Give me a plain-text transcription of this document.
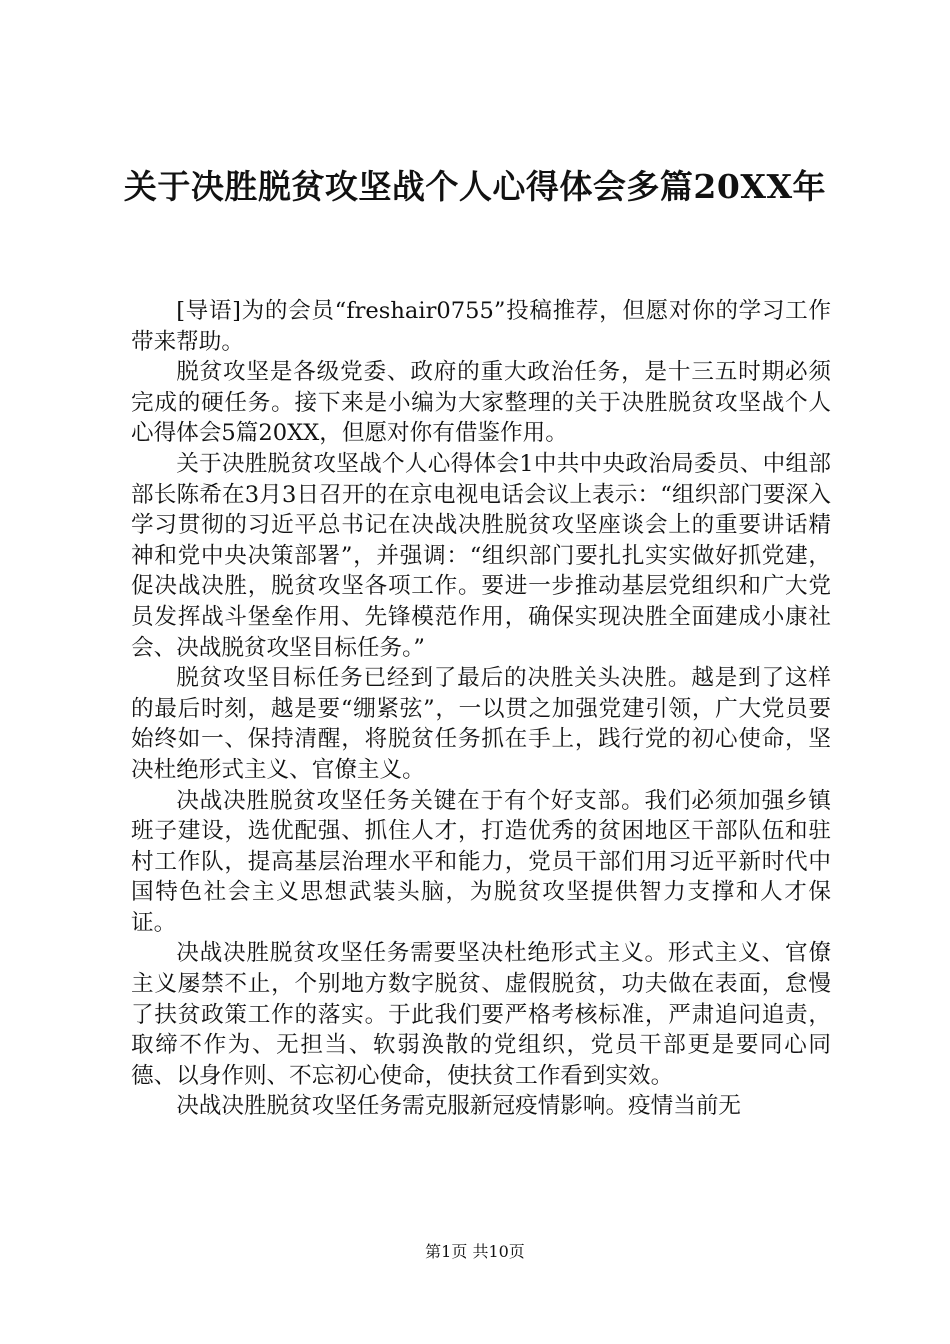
关于决胜脱贫攻坚战个人心得体会多篇20XX年

[导语]为的会员“freshair0755”投稿推荐，但愿对你的学习工作带来帮助。

脱贫攻坚是各级党委、政府的重大政治任务，是十三五时期必须完成的硬任务。接下来是小编为大家整理的关于决胜脱贫攻坚战个人心得体会5篇20XX，但愿对你有借鉴作用。

关于决胜脱贫攻坚战个人心得体会1中共中央政治局委员、中组部部长陈希在3月3日召开的在京电视电话会议上表示：“组织部门要深入学习贯彻的习近平总书记在决战决胜脱贫攻坚座谈会上的重要讲话精神和党中央决策部署”，并强调：“组织部门要扎扎实实做好抓党建，促决战决胜，脱贫攻坚各项工作。要进一步推动基层党组织和广大党员发挥战斗堡垒作用、先锋模范作用，确保实现决胜全面建成小康社会、决战脱贫攻坚目标任务。”

脱贫攻坚目标任务已经到了最后的决胜关头决胜。越是到了这样的最后时刻，越是要“绷紧弦”，一以贯之加强党建引领，广大党员要始终如一、保持清醒，将脱贫任务抓在手上，践行党的初心使命，坚决杜绝形式主义、官僚主义。

决战决胜脱贫攻坚任务关键在于有个好支部。我们必须加强乡镇班子建设，选优配强、抓住人才，打造优秀的贫困地区干部队伍和驻村工作队，提高基层治理水平和能力，党员干部们用习近平新时代中国特色社会主义思想武装头脑，为脱贫攻坚提供智力支撑和人才保证。

决战决胜脱贫攻坚任务需要坚决杜绝形式主义。形式主义、官僚主义屡禁不止，个别地方数字脱贫、虚假脱贫，功夫做在表面，怠慢了扶贫政策工作的落实。于此我们要严格考核标准，严肃追问追责，取缔不作为、无担当、软弱涣散的党组织，党员干部更是要同心同德、以身作则、不忘初心使命，使扶贫工作看到实效。

决战决胜脱贫攻坚任务需克服新冠疫情影响。疫情当前无

第1页 共10页
